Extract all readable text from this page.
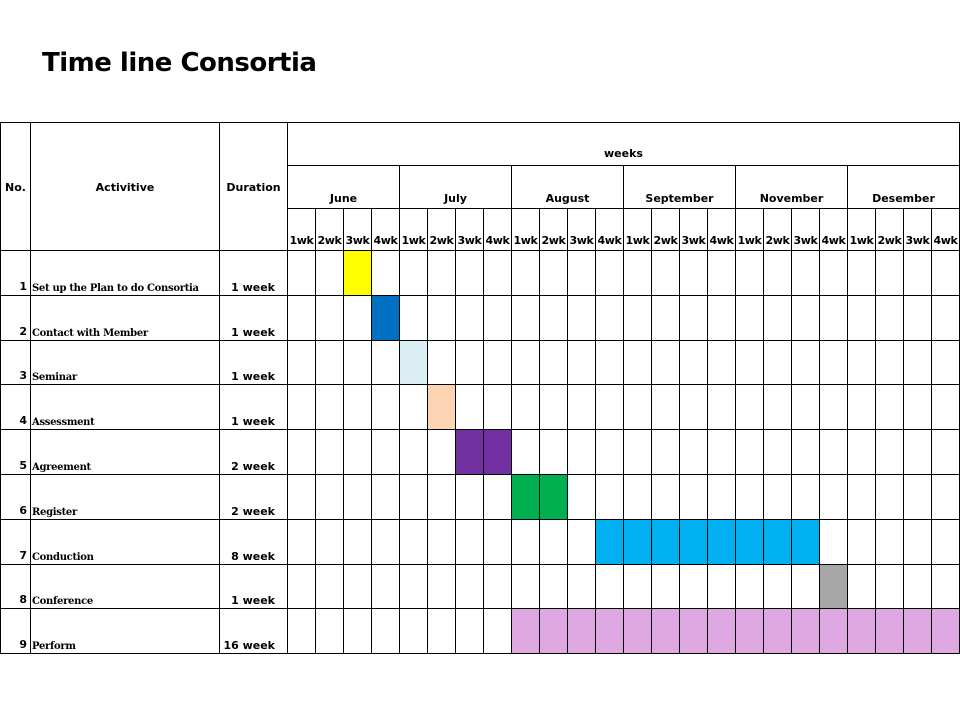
Time line Consortia
No.	Activitive	Duration	weeks																							
			June				July				August				September				November				Desember			
			1wk	2wk	3wk	4wk	1wk	2wk	3wk	4wk	1wk	2wk	3wk	4wk	1wk	2wk	3wk	4wk	1wk	2wk	3wk	4wk	1wk	2wk	3wk	4wk
1	Set up the Plan to do Consortia	1 week																								
2	Contact with Member	1 week																								
3	Seminar	1 week																								
4	Assessment	1 week																								
5	Agreement	2 week																								
6	Register	2 week																								
7	Conduction	8 week																								
8	Conference	1 week																								
9	Perform	16 week																								
